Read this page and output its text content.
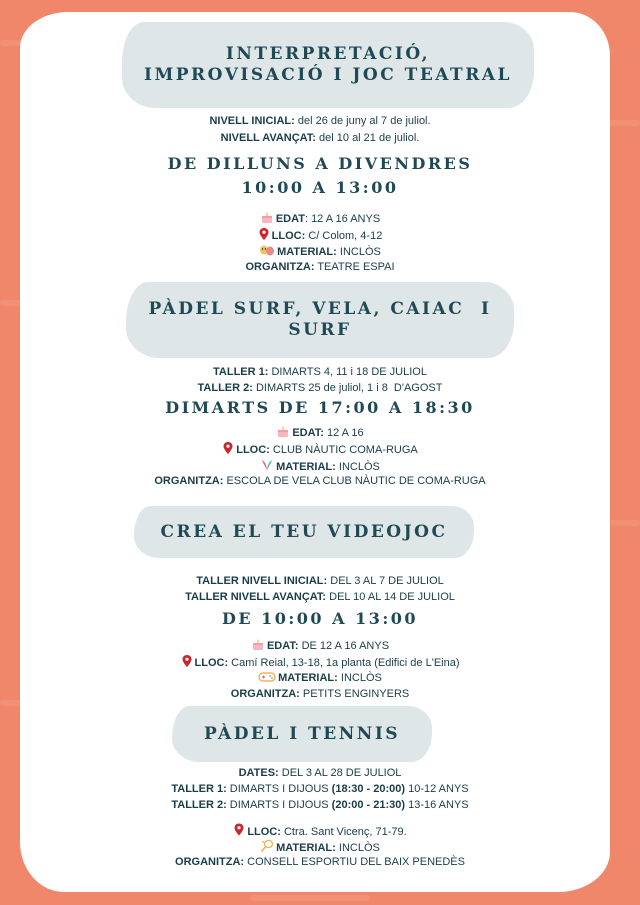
INTERPRETACIÓ,
IMPROVISACIÓ I JOC TEATRAL
NIVELL INICIAL: del 26 de juny al 7 de juliol.
NIVELL AVANÇAT: del 10 al 21 de juliol.
DE DILLUNS A DIVENDRES
10:00 A 13:00
EDAT: 12 A 16 ANYS
LLOC: C/ Colom, 4-12
MATERIAL: INCLÒS
ORGANITZA: TEATRE ESPAI
PÀDEL SURF, VELA, CAIAC  I
SURF
TALLER 1: DIMARTS 4, 11 i 18 DE JULIOL
TALLER 2: DIMARTS 25 de juliol, 1 i 8  D'AGOST
DIMARTS DE 17:00 A 18:30
EDAT: 12 A 16
LLOC: CLUB NÀUTIC COMA-RUGA
MATERIAL: INCLÒS
ORGANITZA: ESCOLA DE VELA CLUB NÀUTIC DE COMA-RUGA
CREA EL TEU VIDEOJOC
TALLER NIVELL INICIAL: DEL 3 AL 7 DE JULIOL
TALLER NIVELL AVANÇAT: DEL 10 AL 14 DE JULIOL
DE 10:00 A 13:00
EDAT: DE 12 A 16 ANYS
LLOC: Camí Reial, 13-18, 1a planta (Edifici de L'Eina)
MATERIAL: INCLÒS
ORGANITZA: PETITS ENGINYERS
PÀDEL I TENNIS
DATES: DEL 3 AL 28 DE JULIOL
TALLER 1: DIMARTS I DIJOUS (18:30 - 20:00) 10-12 ANYS
TALLER 2: DIMARTS I DIJOUS (20:00 - 21:30) 13-16 ANYS
LLOC: Ctra. Sant Vicenç, 71-79.
MATERIAL: INCLÒS
ORGANITZA: CONSELL ESPORTIU DEL BAIX PENEDÈS
